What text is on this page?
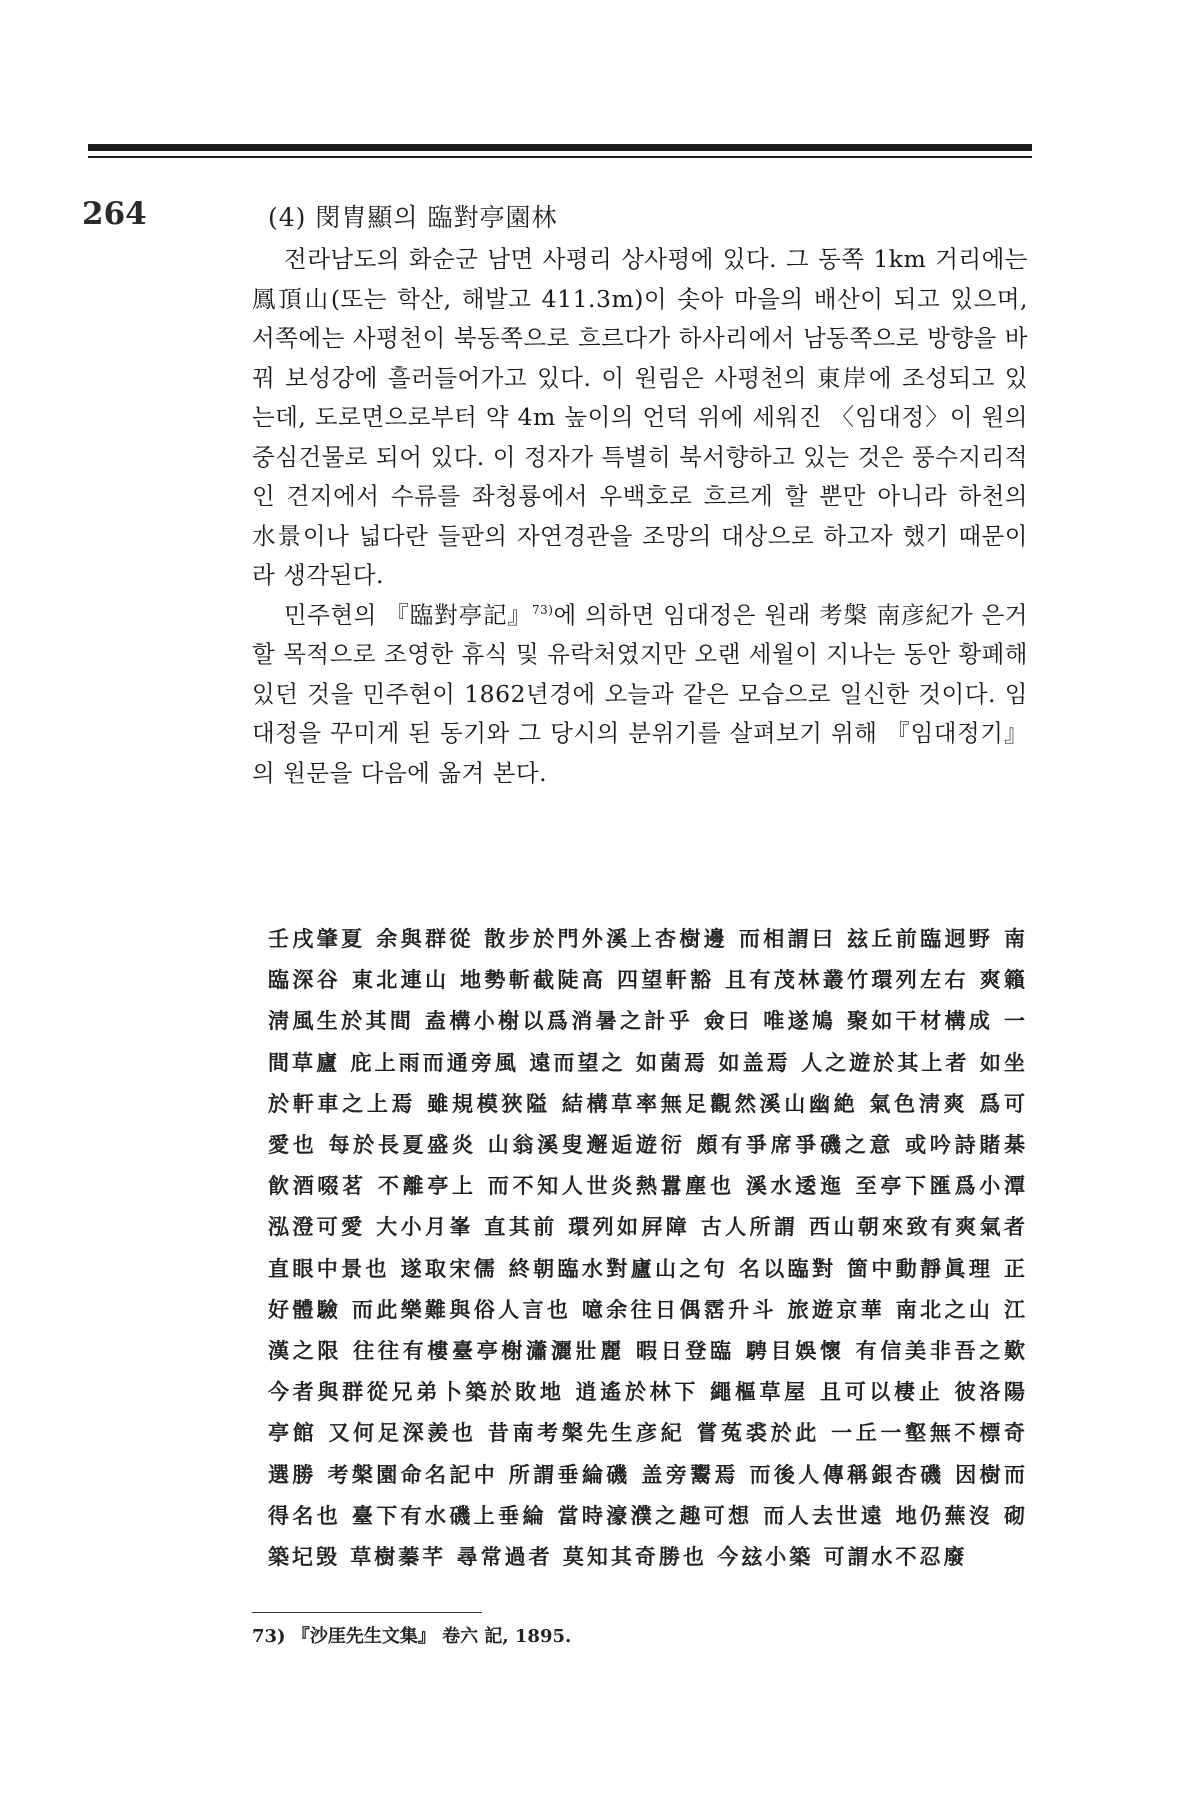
264	(4) 閔胄顯의 臨對亭園林

전라남도의 화순군 남면 사평리 상사평에 있다. 그 동쪽 1km 거리에는 鳳頂山(또는 학산, 해발고 411.3m)이 솟아 마을의 배산이 되고 있으며, 서쪽에는 사평천이 북동쪽으로 흐르다가 하사리에서 남동쪽으로 방향을 바꿔 보성강에 흘러들어가고 있다. 이 원림은 사평천의 東岸에 조성되고 있는데, 도로면으로부터 약 4m 높이의 언덕 위에 세워진 〈임대정〉이 원의 중심건물로 되어 있다. 이 정자가 특별히 북서향하고 있는 것은 풍수지리적인 견지에서 수류를 좌청룡에서 우백호로 흐르게 할 뿐만 아니라 하천의 水景이나 넓다란 들판의 자연경관을 조망의 대상으로 하고자 했기 때문이라 생각된다.

민주현의 『臨對亭記』$^{73)}$에 의하면 임대정은 원래 考槃 南彦紀가 은거할 목적으로 조영한 휴식 및 유락처였지만 오랜 세월이 지나는 동안 황폐해 있던 것을 민주현이 1862년경에 오늘과 같은 모습으로 일신한 것이다. 임대정을 꾸미게 된 동기와 그 당시의 분위기를 살펴보기 위해 『임대정기』의 원문을 다음에 옮겨 본다.

壬戌肇夏 余與群從 散步於門外溪上杏樹邊 而相謂曰 玆丘前臨迥野 南臨深谷 東北連山 地勢斬截陡高 四望軒豁 且有茂林叢竹環列左右 爽籟淸風生於其間 盍構小榭以爲消暑之計乎 僉曰 唯遂鳩 聚如干材構成 一間草廬 庇上雨而通旁風 遠而望之 如菌焉 如盖焉 人之遊於其上者 如坐於軒車之上焉 雖規模狹隘 結構草率無足觀然溪山幽絶 氣色淸爽 爲可愛也 每於長夏盛炎 山翁溪叟邂逅遊衍 頗有爭席爭磯之意 或吟詩賭棊飮酒啜茗 不離亭上 而不知人世炎熱囂塵也 溪水逶迤 至亭下匯爲小潭 泓澄可愛 大小月峯 直其前 環列如屛障 古人所謂 西山朝來致有爽氣者 直眼中景也 遂取宋儒 終朝臨水對廬山之句 名以臨對 箇中動靜眞理 正好體驗 而此樂難與俗人言也 噫余往日偶霑升斗 旅遊京華 南北之山 江漢之限 往往有樓臺亭榭瀟灑壯麗 暇日登臨 騁目娛懷 有信美非吾之歎 今者與群從兄弟卜築於敗地 逍遙於林下 繩樞草屋 且可以棲止 彼洛陽亭館 又何足深羨也 昔南考槃先生彦紀 嘗菟裘於此 一丘一壑無不標奇選勝 考槃園命名記中 所謂垂綸磯 盖旁鬻焉 而後人傳稱銀杏磯 因樹而得名也 臺下有水磯上垂綸 當時濠濮之趣可想 而人去世遠 地仍蕪沒 砌築圮毁 草樹蓁芊 尋常過者 莫知其奇勝也 今玆小築 可謂水不忍廢
73) 『沙厓先生文集』 卷六 記, 1895.
